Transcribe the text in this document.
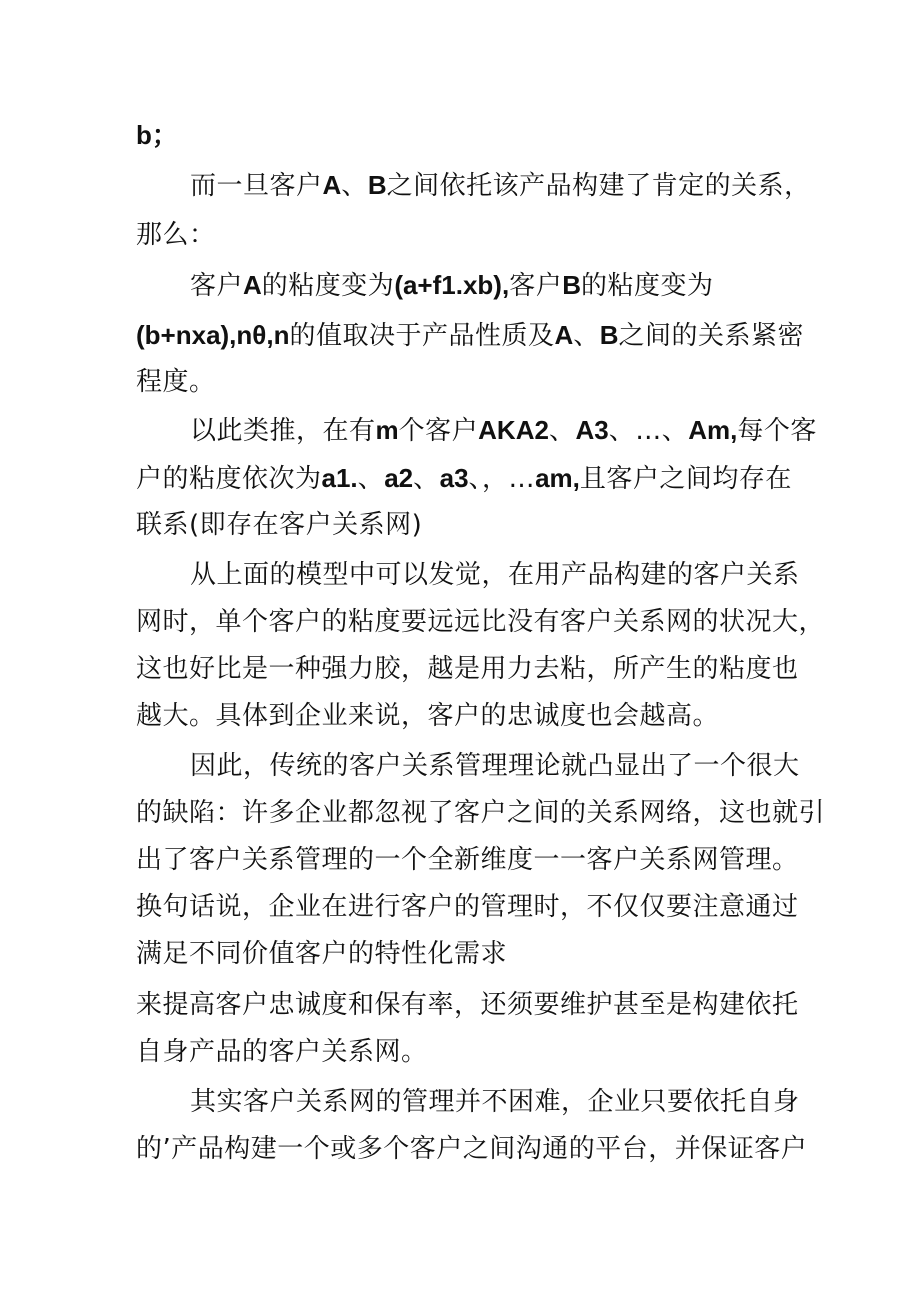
b；

而一旦客户A、B之间依托该产品构建了肯定的关系，

那么：

客户A的粘度变为(a+f1.xb),客户B的粘度变为

(b+nxa),nθ,n的值取决于产品性质及A、B之间的关系紧密

程度。

以此类推，在有m个客户AKA2、A3、…、Am,每个客

户的粘度依次为a1.、a2、a3、，…am,且客户之间均存在

联系(即存在客户关系网)

从上面的模型中可以发觉，在用产品构建的客户关系

网时，单个客户的粘度要远远比没有客户关系网的状况大，

这也好比是一种强力胶，越是用力去粘，所产生的粘度也

越大。具体到企业来说，客户的忠诚度也会越高。

因此，传统的客户关系管理理论就凸显出了一个很大

的缺陷：许多企业都忽视了客户之间的关系网络，这也就引

出了客户关系管理的一个全新维度一一客户关系网管理。

换句话说，企业在进行客户的管理时，不仅仅要注意通过

满足不同价值客户的特性化需求

来提高客户忠诚度和保有率，还须要维护甚至是构建依托

自身产品的客户关系网。

其实客户关系网的管理并不困难，企业只要依托自身

的’产品构建一个或多个客户之间沟通的平台，并保证客户
